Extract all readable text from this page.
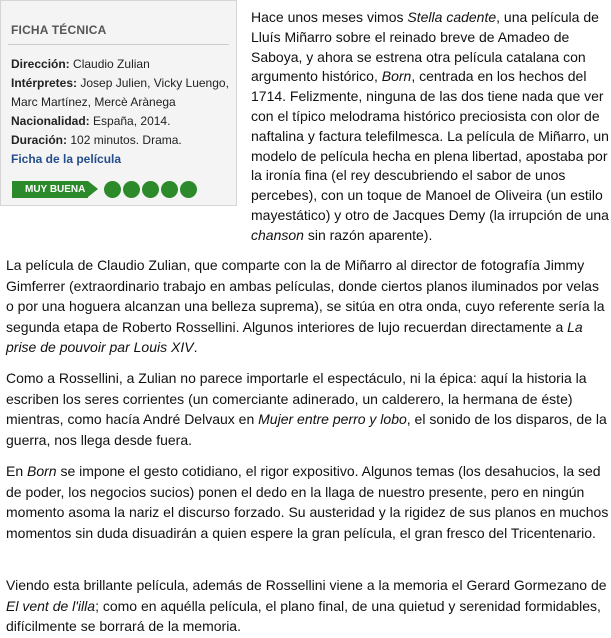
FICHA TÉCNICA
Dirección: Claudio Zulian
Intérpretes: Josep Julien, Vicky Luengo, Marc Martínez, Mercè Arànega
Nacionalidad: España, 2014.
Duración: 102 minutos. Drama.
Ficha de la película
MUY BUENA

Hace unos meses vimos Stella cadente, una película de Lluís Miñarro sobre el reinado breve de Amadeo de Saboya, y ahora se estrena otra película catalana con argumento histórico, Born, centrada en los hechos del 1714. Felizmente, ninguna de las dos tiene nada que ver con el típico melodrama histórico preciosista con olor de naftalina y factura telefilmesca. La película de Miñarro, un modelo de película hecha en plena libertad, apostaba por la ironía fina (el rey descubriendo el sabor de unos percebes), con un toque de Manoel de Oliveira (un estilo mayestático) y otro de Jacques Demy (la irrupción de una chanson sin razón aparente).

La película de Claudio Zulian, que comparte con la de Miñarro al director de fotografía Jimmy Gimferrer (extraordinario trabajo en ambas películas, donde ciertos planos iluminados por velas o por una hoguera alcanzan una belleza suprema), se sitúa en otra onda, cuyo referente sería la segunda etapa de Roberto Rossellini. Algunos interiores de lujo recuerdan directamente a La prise de pouvoir par Louis XIV.

Como a Rossellini, a Zulian no parece importarle el espectáculo, ni la épica: aquí la historia la escriben los seres corrientes (un comerciante adinerado, un calderero, la hermana de éste) mientras, como hacía André Delvaux en Mujer entre perro y lobo, el sonido de los disparos, de la guerra, nos llega desde fuera.

En Born se impone el gesto cotidiano, el rigor expositivo. Algunos temas (los desahucios, la sed de poder, los negocios sucios) ponen el dedo en la llaga de nuestro presente, pero en ningún momento asoma la nariz el discurso forzado. Su austeridad y la rigidez de sus planos en muchos momentos sin duda disuadirán a quien espere la gran película, el gran fresco del Tricentenario.

Viendo esta brillante película, además de Rossellini viene a la memoria el Gerard Gormezano de El vent de l'illa; como en aquélla película, el plano final, de una quietud y serenidad formidables, difícilmente se borrará de la memoria.
